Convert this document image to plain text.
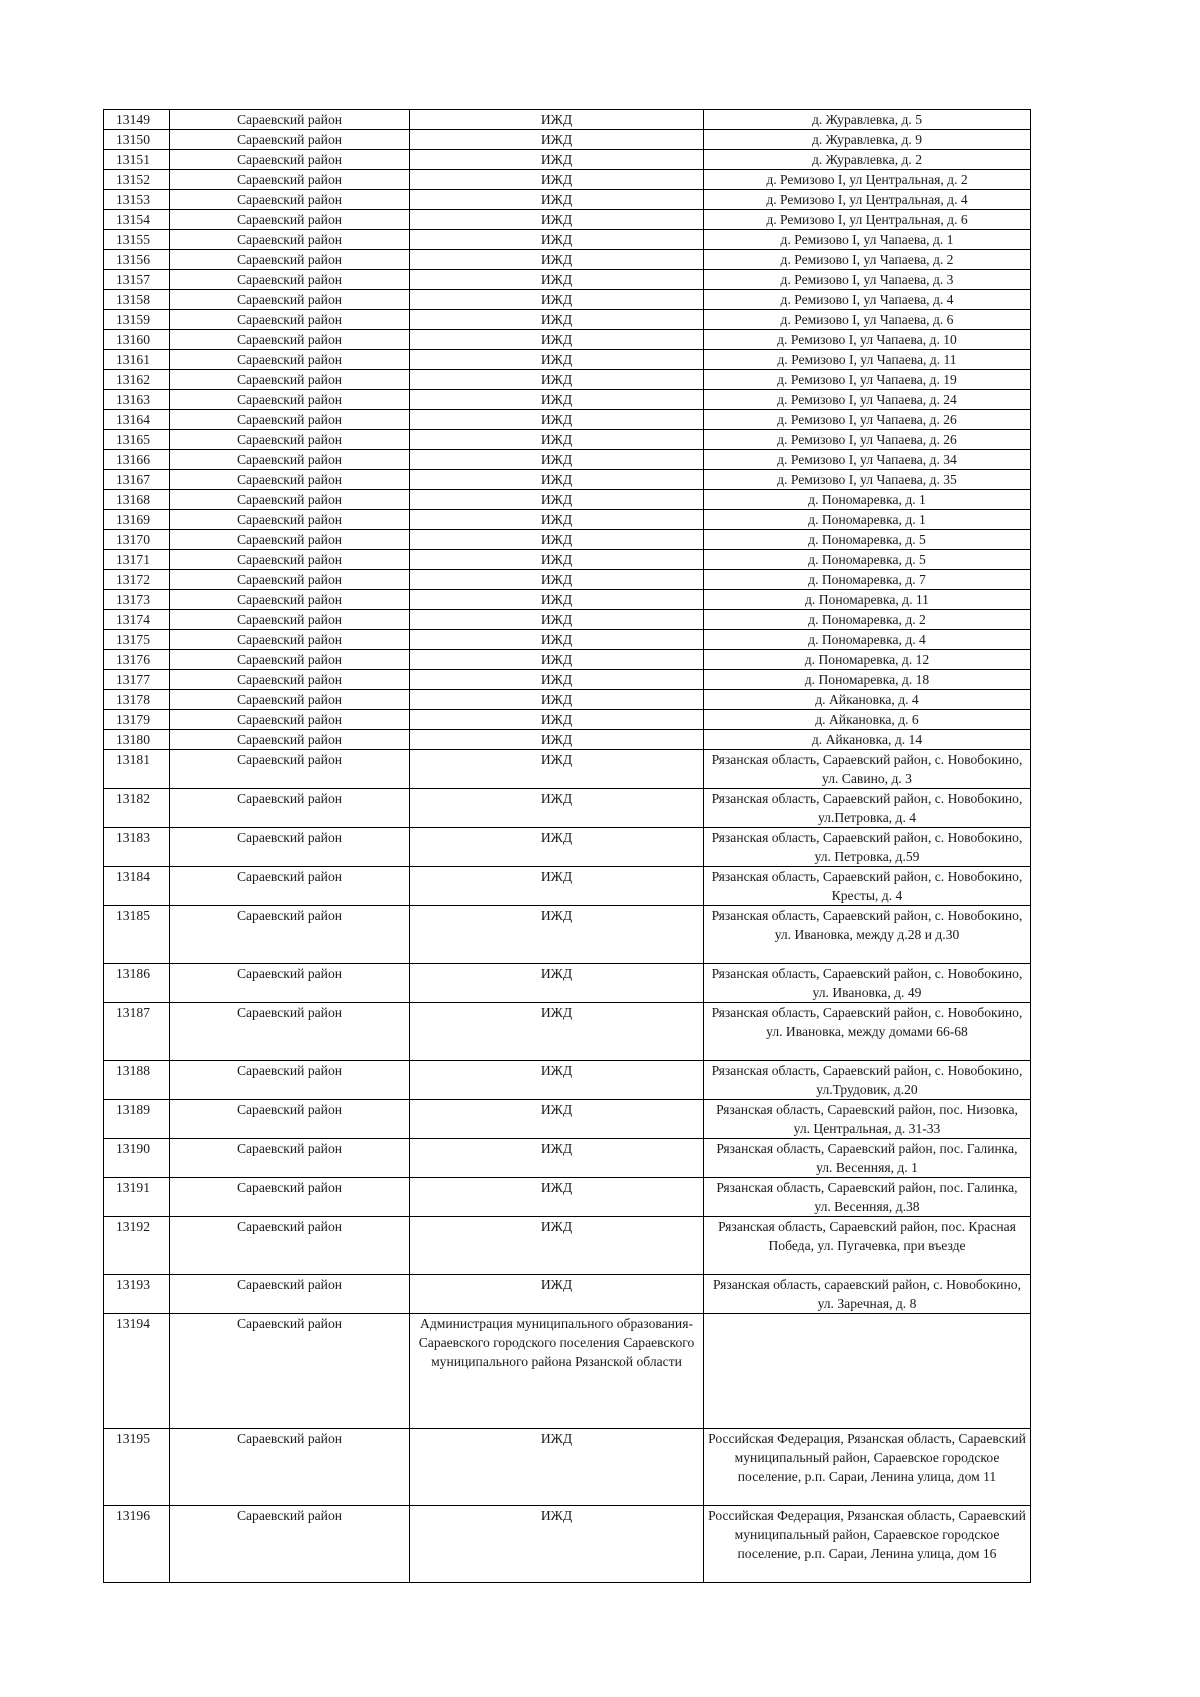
13149	Сараевский район	ИЖД	д. Журавлевка, д. 5
13150	Сараевский район	ИЖД	д. Журавлевка, д. 9
13151	Сараевский район	ИЖД	д. Журавлевка, д. 2
13152	Сараевский район	ИЖД	д. Ремизово I, ул Центральная, д. 2
13153	Сараевский район	ИЖД	д. Ремизово I, ул Центральная, д. 4
13154	Сараевский район	ИЖД	д. Ремизово I, ул Центральная, д. 6
13155	Сараевский район	ИЖД	д. Ремизово I, ул Чапаева, д. 1
13156	Сараевский район	ИЖД	д. Ремизово I, ул Чапаева, д. 2
13157	Сараевский район	ИЖД	д. Ремизово I, ул Чапаева, д. 3
13158	Сараевский район	ИЖД	д. Ремизово I, ул Чапаева, д. 4
13159	Сараевский район	ИЖД	д. Ремизово I, ул Чапаева, д. 6
13160	Сараевский район	ИЖД	д. Ремизово I, ул Чапаева, д. 10
13161	Сараевский район	ИЖД	д. Ремизово I, ул Чапаева, д. 11
13162	Сараевский район	ИЖД	д. Ремизово I, ул Чапаева, д. 19
13163	Сараевский район	ИЖД	д. Ремизово I, ул Чапаева, д. 24
13164	Сараевский район	ИЖД	д. Ремизово I, ул Чапаева, д. 26
13165	Сараевский район	ИЖД	д. Ремизово I, ул Чапаева, д. 26
13166	Сараевский район	ИЖД	д. Ремизово I, ул Чапаева, д. 34
13167	Сараевский район	ИЖД	д. Ремизово I, ул Чапаева, д. 35
13168	Сараевский район	ИЖД	д. Пономаревка, д. 1
13169	Сараевский район	ИЖД	д. Пономаревка, д. 1
13170	Сараевский район	ИЖД	д. Пономаревка, д. 5
13171	Сараевский район	ИЖД	д. Пономаревка, д. 5
13172	Сараевский район	ИЖД	д. Пономаревка, д. 7
13173	Сараевский район	ИЖД	д. Пономаревка, д. 11
13174	Сараевский район	ИЖД	д. Пономаревка, д. 2
13175	Сараевский район	ИЖД	д. Пономаревка, д. 4
13176	Сараевский район	ИЖД	д. Пономаревка, д. 12
13177	Сараевский район	ИЖД	д. Пономаревка, д. 18
13178	Сараевский район	ИЖД	д. Айкановка, д. 4
13179	Сараевский район	ИЖД	д. Айкановка, д. 6
13180	Сараевский район	ИЖД	д. Айкановка, д. 14
13181	Сараевский район	ИЖД	Рязанская область, Сараевский район, с. Новобокино, ул. Савино, д. 3
13182	Сараевский район	ИЖД	Рязанская область, Сараевский район, с. Новобокино, ул.Петровка, д. 4
13183	Сараевский район	ИЖД	Рязанская область, Сараевский район, с. Новобокино, ул. Петровка, д.59
13184	Сараевский район	ИЖД	Рязанская область, Сараевский район, с. Новобокино, Кресты, д. 4
13185	Сараевский район	ИЖД	Рязанская область, Сараевский район, с. Новобокино, ул. Ивановка, между д.28 и д.30
13186	Сараевский район	ИЖД	Рязанская область, Сараевский район, с. Новобокино, ул. Ивановка, д. 49
13187	Сараевский район	ИЖД	Рязанская область, Сараевский район, с. Новобокино, ул. Ивановка, между домами 66-68
13188	Сараевский район	ИЖД	Рязанская область, Сараевский район, с. Новобокино, ул.Трудовик, д.20
13189	Сараевский район	ИЖД	Рязанская область, Сараевский район, пос. Низовка, ул. Центральная, д. 31-33
13190	Сараевский район	ИЖД	Рязанская область, Сараевский район, пос. Галинка, ул. Весенняя, д. 1
13191	Сараевский район	ИЖД	Рязанская область, Сараевский район, пос. Галинка, ул. Весенняя, д.38
13192	Сараевский район	ИЖД	Рязанская область, Сараевский район, пос. Красная Победа, ул. Пугачевка, при въезде
13193	Сараевский район	ИЖД	Рязанская область, сараевский район, с. Новобокино, ул. Заречная, д. 8
13194	Сараевский район	Администрация муниципального образования-Сараевского городского поселения Сараевского муниципального района Рязанской области	
13195	Сараевский район	ИЖД	Российская Федерация, Рязанская область, Сараевский муниципальный район, Сараевское городское поселение, р.п. Сараи, Ленина улица, дом 11
13196	Сараевский район	ИЖД	Российская Федерация, Рязанская область, Сараевский муниципальный район, Сараевское городское поселение, р.п. Сараи, Ленина улица, дом 16
